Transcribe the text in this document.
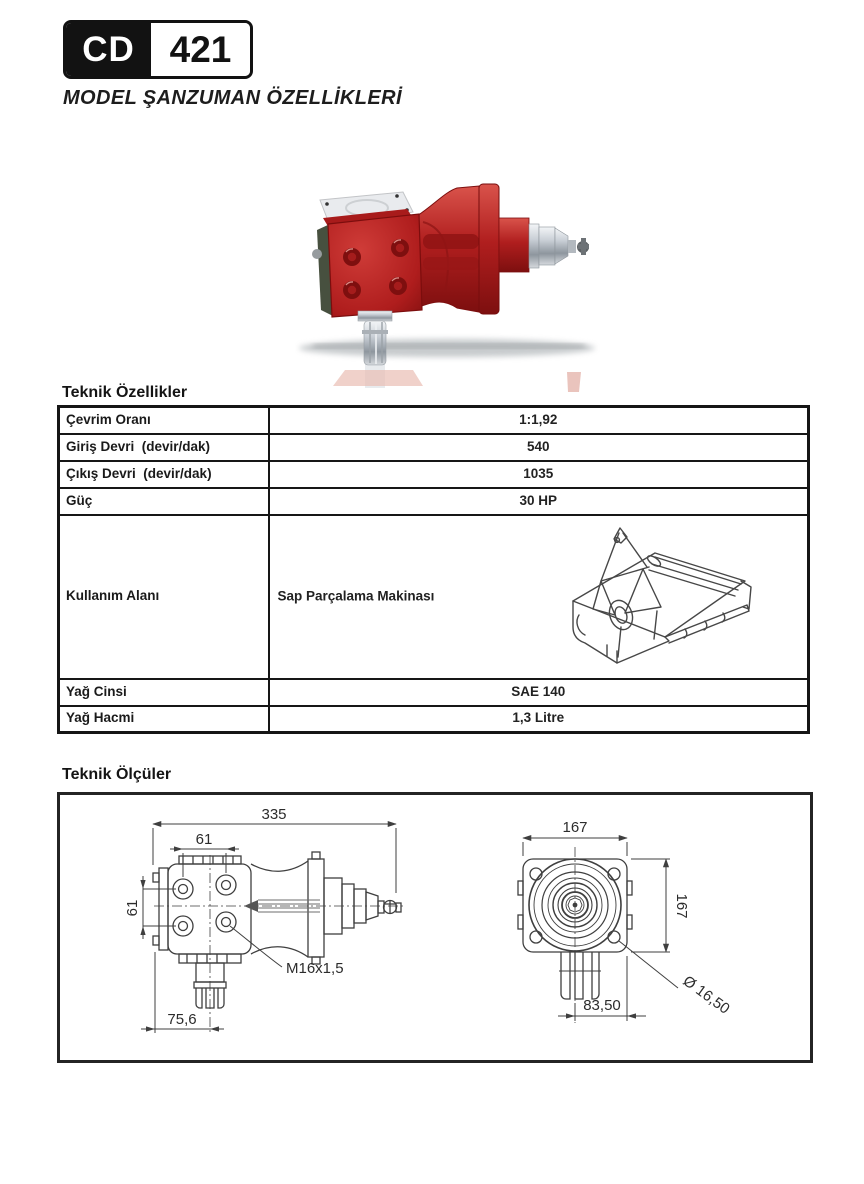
CD 421
MODEL ŞANZUMAN ÖZELLİKLERİ
Teknik Özellikler
Çevrim Oranı	1:1,92
Giriş Devri  (devir/dak)	540
Çıkış Devri  (devir/dak)	1035
Güç	30 HP
Kullanım Alanı	Sap Parçalama Makinası

Yağ Cinsi	SAE 140
Yağ Hacmi	1,3 Litre
Teknik Ölçüler
335
61
61
75,6
M16x1,5
167
167
83,50	Ø 16,50
